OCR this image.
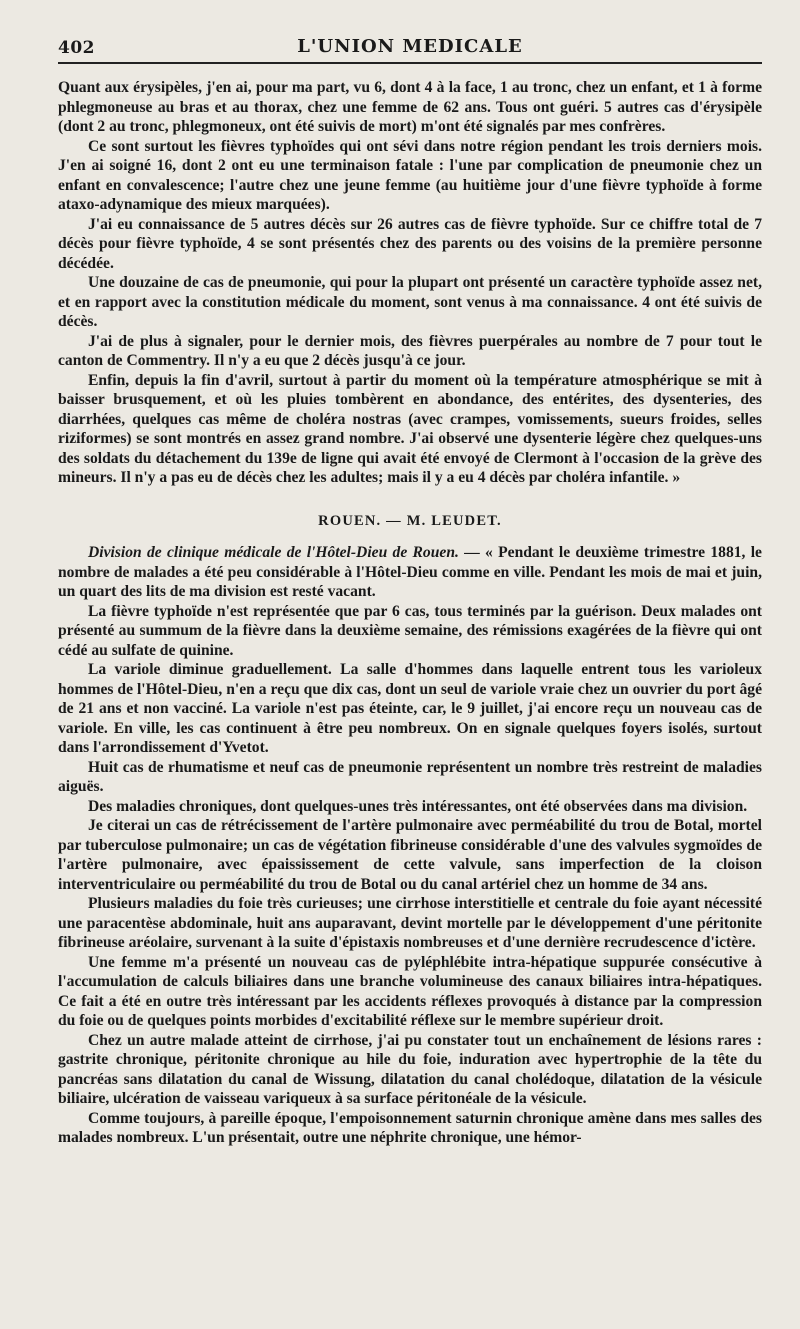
402	L'UNION MEDICALE

Quant aux érysipèles, j'en ai, pour ma part, vu 6, dont 4 à la face, 1 au tronc, chez un enfant, et 1 à forme phlegmoneuse au bras et au thorax, chez une femme de 62 ans. Tous ont guéri. 5 autres cas d'érysipèle (dont 2 au tronc, phlegmoneux, ont été suivis de mort) m'ont été signalés par mes confrères.

Ce sont surtout les fièvres typhoïdes qui ont sévi dans notre région pendant les trois derniers mois. J'en ai soigné 16, dont 2 ont eu une terminaison fatale : l'une par complication de pneumonie chez un enfant en convalescence; l'autre chez une jeune femme (au huitième jour d'une fièvre typhoïde à forme ataxo-adynamique des mieux marquées).

J'ai eu connaissance de 5 autres décès sur 26 autres cas de fièvre typhoïde. Sur ce chiffre total de 7 décès pour fièvre typhoïde, 4 se sont présentés chez des parents ou des voisins de la première personne décédée.

Une douzaine de cas de pneumonie, qui pour la plupart ont présenté un caractère typhoïde assez net, et en rapport avec la constitution médicale du moment, sont venus à ma connaissance. 4 ont été suivis de décès.

J'ai de plus à signaler, pour le dernier mois, des fièvres puerpérales au nombre de 7 pour tout le canton de Commentry. Il n'y a eu que 2 décès jusqu'à ce jour.

Enfin, depuis la fin d'avril, surtout à partir du moment où la température atmosphérique se mit à baisser brusquement, et où les pluies tombèrent en abondance, des entérites, des dysenteries, des diarrhées, quelques cas même de choléra nostras (avec crampes, vomissements, sueurs froides, selles riziformes) se sont montrés en assez grand nombre. J'ai observé une dysenterie légère chez quelques-uns des soldats du détachement du 139e de ligne qui avait été envoyé de Clermont à l'occasion de la grève des mineurs. Il n'y a pas eu de décès chez les adultes; mais il y a eu 4 décès par choléra infantile. »

ROUEN. — M. LEUDET.

Division de clinique médicale de l'Hôtel-Dieu de Rouen. — « Pendant le deuxième trimestre 1881, le nombre de malades a été peu considérable à l'Hôtel-Dieu comme en ville. Pendant les mois de mai et juin, un quart des lits de ma division est resté vacant.

La fièvre typhoïde n'est représentée que par 6 cas, tous terminés par la guérison. Deux malades ont présenté au summum de la fièvre dans la deuxième semaine, des rémissions exagérées de la fièvre qui ont cédé au sulfate de quinine.

La variole diminue graduellement. La salle d'hommes dans laquelle entrent tous les varioleux hommes de l'Hôtel-Dieu, n'en a reçu que dix cas, dont un seul de variole vraie chez un ouvrier du port âgé de 21 ans et non vacciné. La variole n'est pas éteinte, car, le 9 juillet, j'ai encore reçu un nouveau cas de variole. En ville, les cas continuent à être peu nombreux. On en signale quelques foyers isolés, surtout dans l'arrondissement d'Yvetot.

Huit cas de rhumatisme et neuf cas de pneumonie représentent un nombre très restreint de maladies aiguës.

Des maladies chroniques, dont quelques-unes très intéressantes, ont été observées dans ma division.

Je citerai un cas de rétrécissement de l'artère pulmonaire avec perméabilité du trou de Botal, mortel par tuberculose pulmonaire; un cas de végétation fibrineuse considérable d'une des valvules sygmoïdes de l'artère pulmonaire, avec épaississement de cette valvule, sans imperfection de la cloison interventriculaire ou perméabilité du trou de Botal ou du canal artériel chez un homme de 34 ans.

Plusieurs maladies du foie très curieuses; une cirrhose interstitielle et centrale du foie ayant nécessité une paracentèse abdominale, huit ans auparavant, devint mortelle par le développement d'une péritonite fibrineuse aréolaire, survenant à la suite d'épistaxis nombreuses et d'une dernière recrudescence d'ictère.

Une femme m'a présenté un nouveau cas de pyléphlébite intra-hépatique suppurée consécutive à l'accumulation de calculs biliaires dans une branche volumineuse des canaux biliaires intra-hépatiques. Ce fait a été en outre très intéressant par les accidents réflexes provoqués à distance par la compression du foie ou de quelques points morbides d'excitabilité réflexe sur le membre supérieur droit.

Chez un autre malade atteint de cirrhose, j'ai pu constater tout un enchaînement de lésions rares : gastrite chronique, péritonite chronique au hile du foie, induration avec hypertrophie de la tête du pancréas sans dilatation du canal de Wissung, dilatation du canal cholédoque, dilatation de la vésicule biliaire, ulcération de vaisseau variqueux à sa surface péritonéale de la vésicule.

Comme toujours, à pareille époque, l'empoisonnement saturnin chronique amène dans mes salles des malades nombreux. L'un présentait, outre une néphrite chronique, une hémor-
